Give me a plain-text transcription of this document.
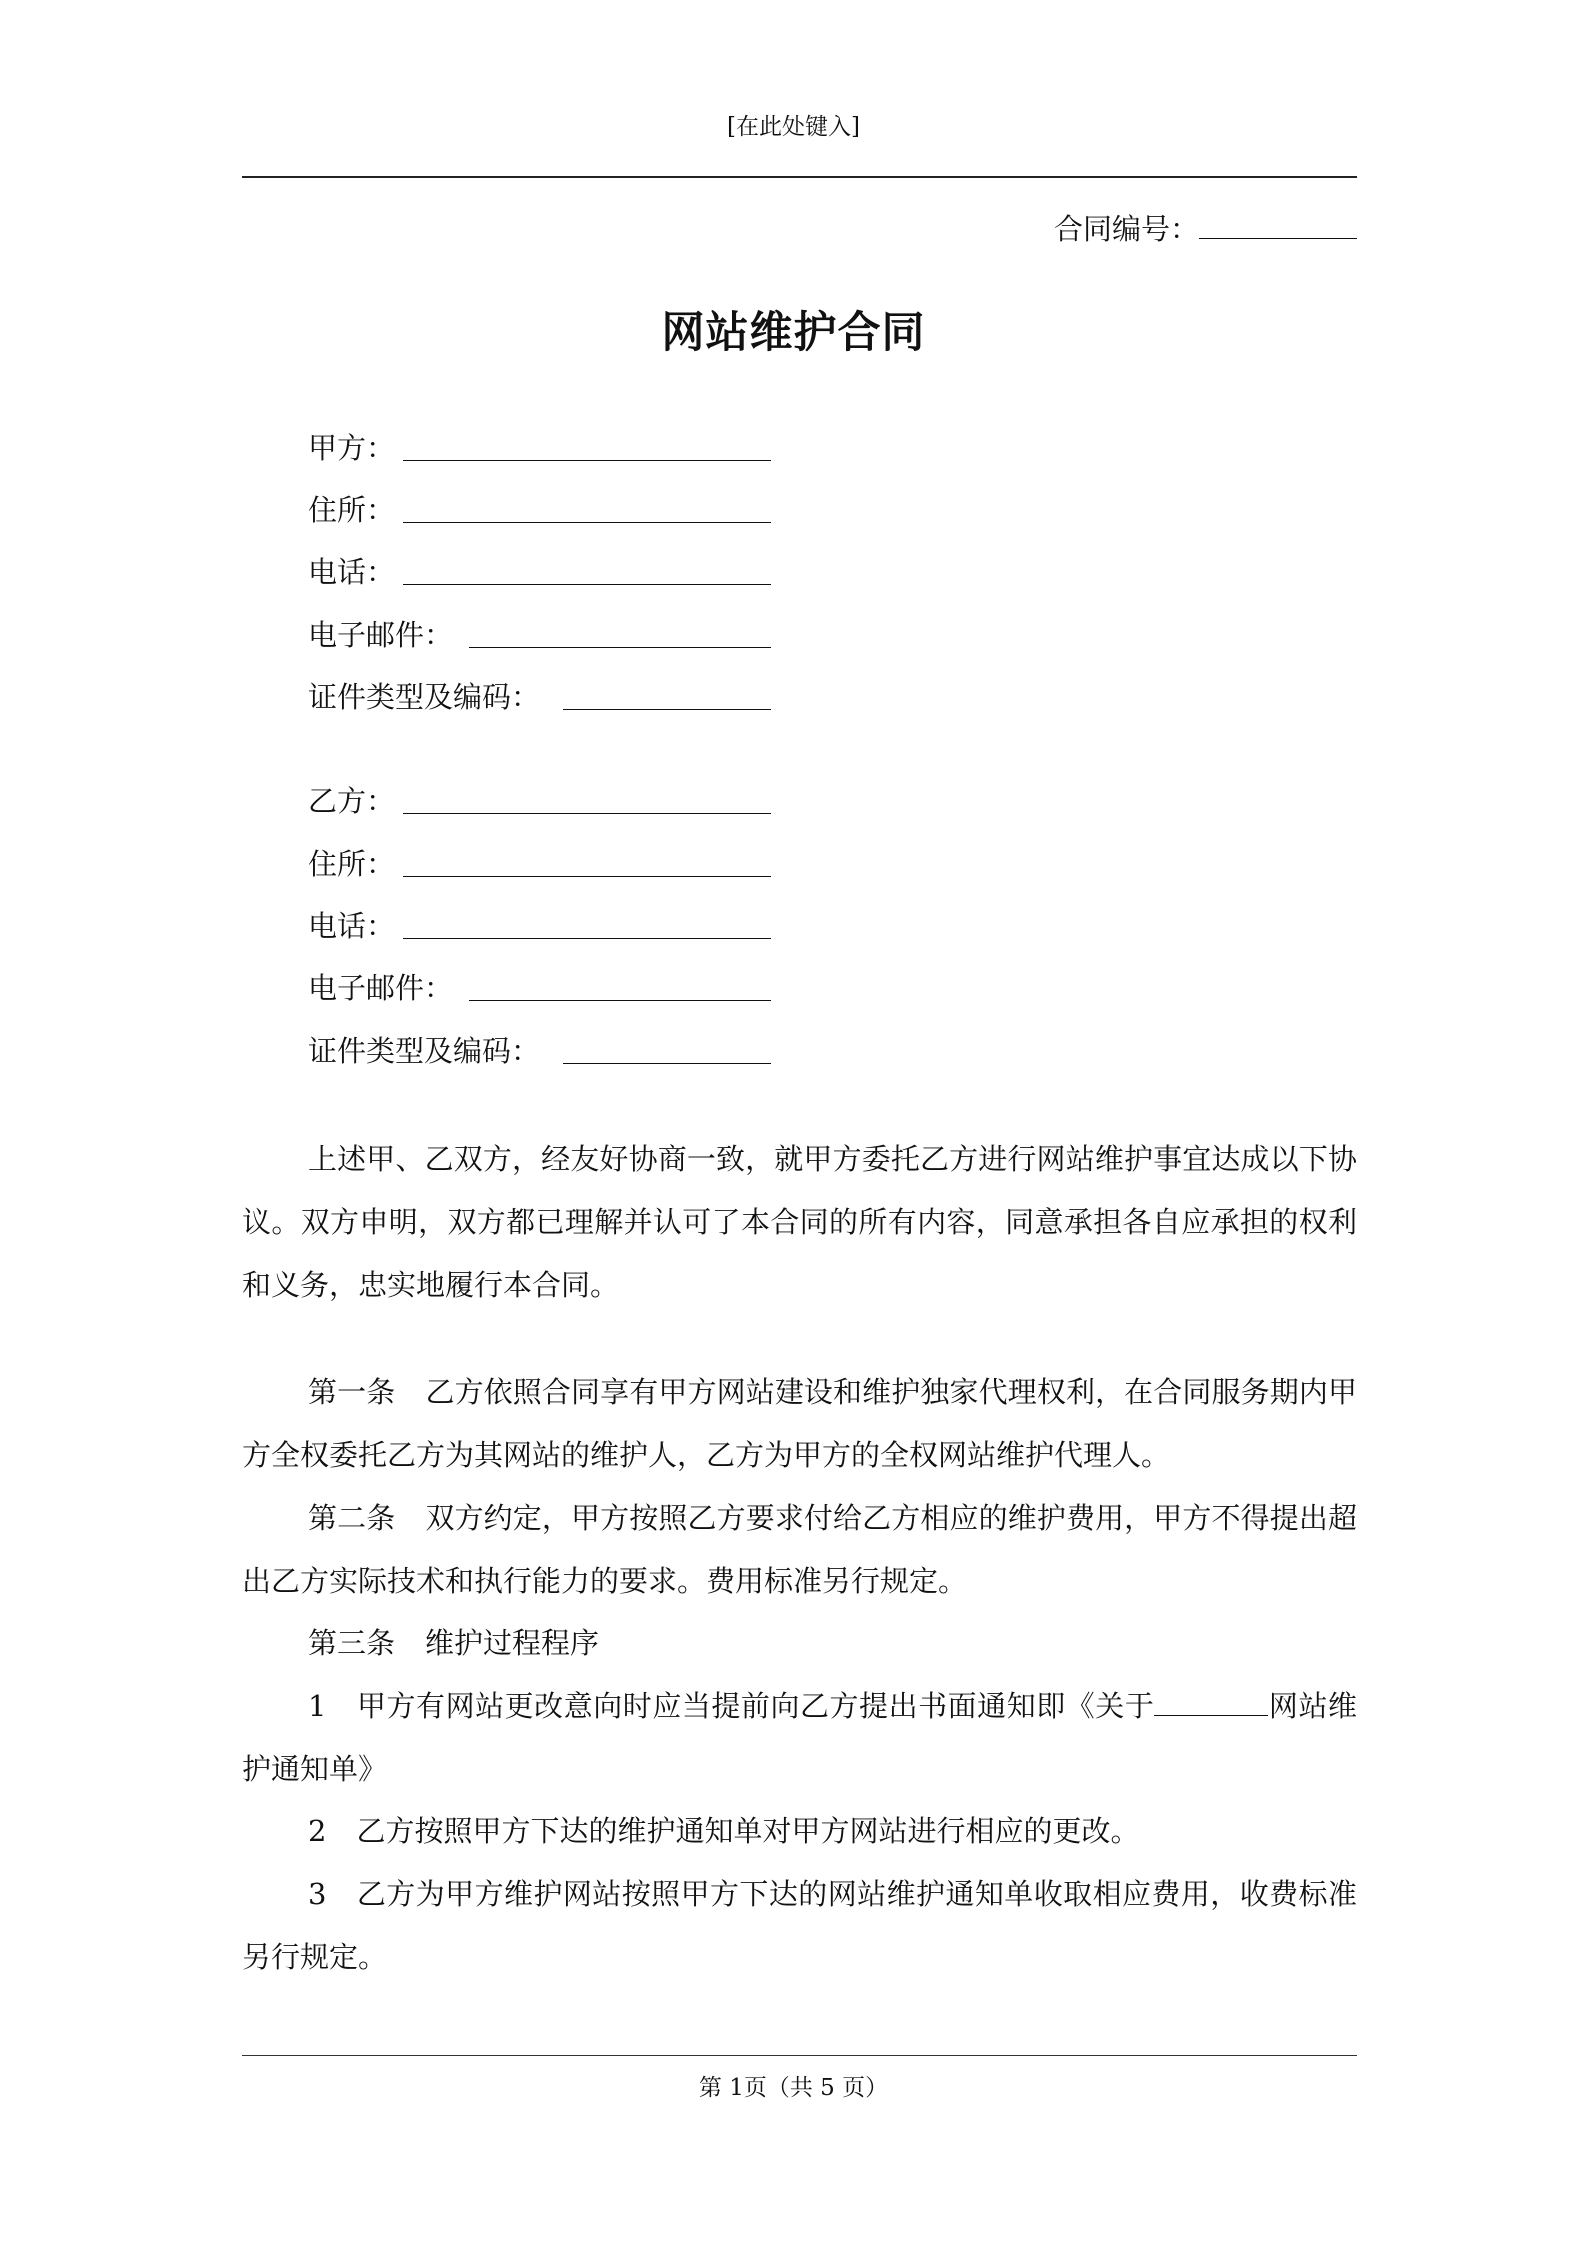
[在此处键入]
合同编号：
网站维护合同
甲方：
住所：
电话：
电子邮件：
证件类型及编码：
乙方：
住所：
电话：
电子邮件：
证件类型及编码：

上述甲、乙双方，经友好协商一致，就甲方委托乙方进行网站维护事宜达成以下协议。双方申明，双方都已理解并认可了本合同的所有内容，同意承担各自应承担的权利和义务，忠实地履行本合同。

第一条 乙方依照合同享有甲方网站建设和维护独家代理权利，在合同服务期内甲方全权委托乙方为其网站的维护人，乙方为甲方的全权网站维护代理人。

第二条 双方约定，甲方按照乙方要求付给乙方相应的维护费用，甲方不得提出超出乙方实际技术和执行能力的要求。费用标准另行规定。

第三条 维护过程程序

1 甲方有网站更改意向时应当提前向乙方提出书面通知即《关于	网站维护通知单》

2 乙方按照甲方下达的维护通知单对甲方网站进行相应的更改。

3 乙方为甲方维护网站按照甲方下达的网站维护通知单收取相应费用，收费标准另行规定。

第 1页（共 5 页）
